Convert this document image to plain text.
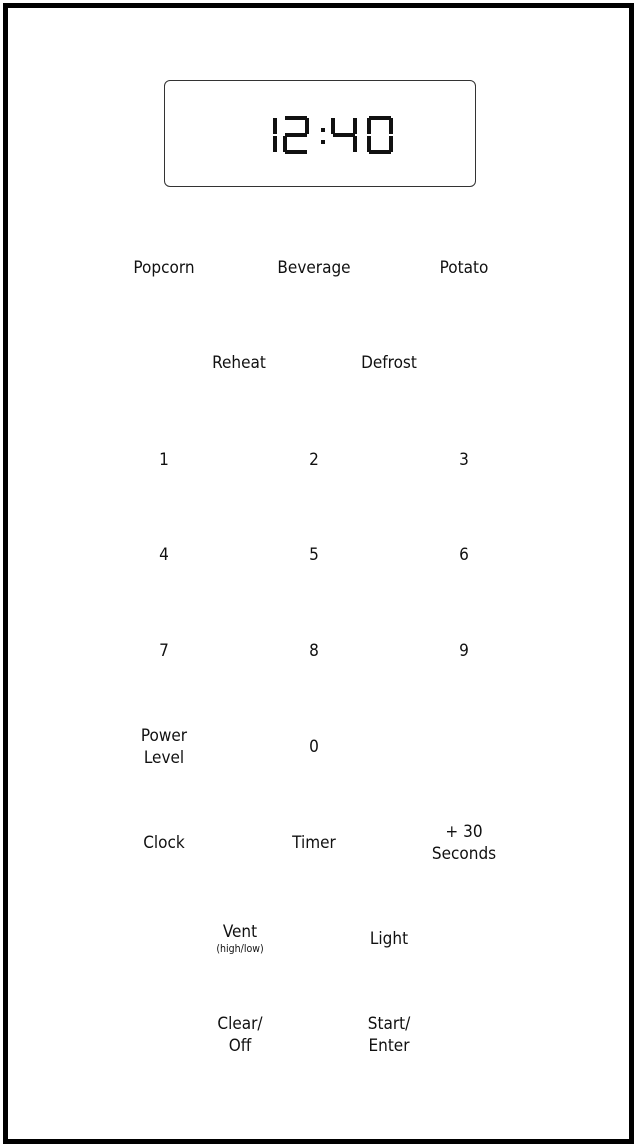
Popcorn	Beverage	Potato
Reheat	Defrost
1	2	3
4	5	6
7	8	9
Power
Level
0
Clock	Timer
+ 30
Seconds
Vent
(high/low)	Light
Clear/
Off
Start/
Enter
